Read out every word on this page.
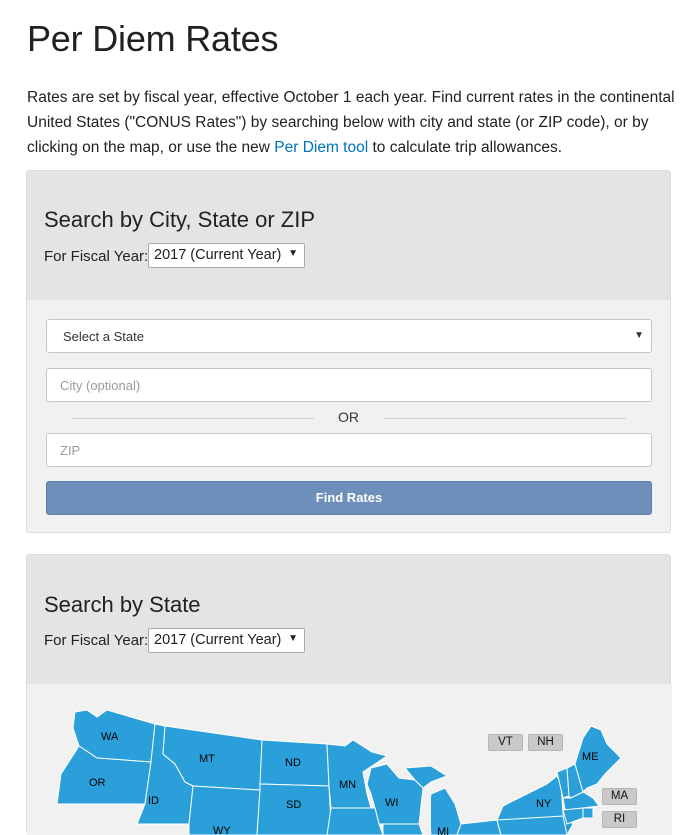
Per Diem Rates

Rates are set by fiscal year, effective October 1 each year. Find current rates in the continental United States ("CONUS Rates") by searching below with city and state (or ZIP code), or by clicking on the map, or use the new Per Diem tool to calculate trip allowances.

Search by City, State or ZIP
For Fiscal Year: 2017 (Current Year) ▼
Select a State	▼
City (optional)
OR
ZIP
Find Rates
Search by State
For Fiscal Year: 2017 (Current Year) ▼
WA
MT	ND
OR	MN
ID	SD	WI
WY	MI
ME
NY
VT	NH
MA
RI
